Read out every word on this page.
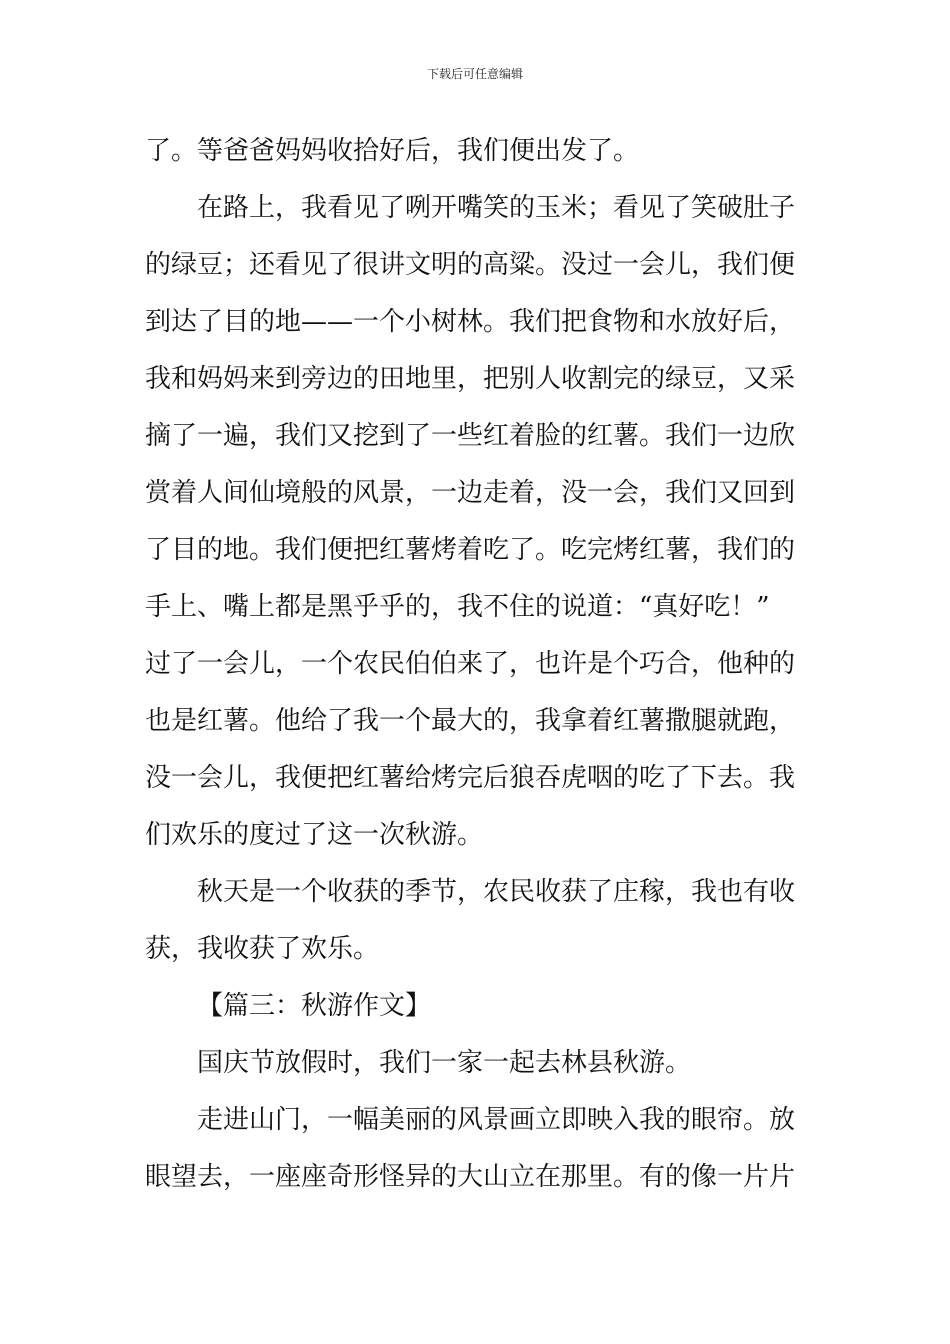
下载后可任意编辑
了。等爸爸妈妈收拾好后，我们便出发了。
在路上，我看见了咧开嘴笑的玉米；看见了笑破肚子
的绿豆；还看见了很讲文明的高粱。没过一会儿，我们便
到达了目的地——一个小树林。我们把食物和水放好后，
我和妈妈来到旁边的田地里，把别人收割完的绿豆，又采
摘了一遍，我们又挖到了一些红着脸的红薯。我们一边欣
赏着人间仙境般的风景，一边走着，没一会，我们又回到
了目的地。我们便把红薯烤着吃了。吃完烤红薯，我们的
手上、嘴上都是黑乎乎的，我不住的说道：“真好吃！”
过了一会儿，一个农民伯伯来了，也许是个巧合，他种的
也是红薯。他给了我一个最大的，我拿着红薯撒腿就跑，
没一会儿，我便把红薯给烤完后狼吞虎咽的吃了下去。我
们欢乐的度过了这一次秋游。
秋天是一个收获的季节，农民收获了庄稼，我也有收
获，我收获了欢乐。
【篇三：秋游作文】
国庆节放假时，我们一家一起去林县秋游。
走进山门，一幅美丽的风景画立即映入我的眼帘。放
眼望去，一座座奇形怪异的大山立在那里。有的像一片片
